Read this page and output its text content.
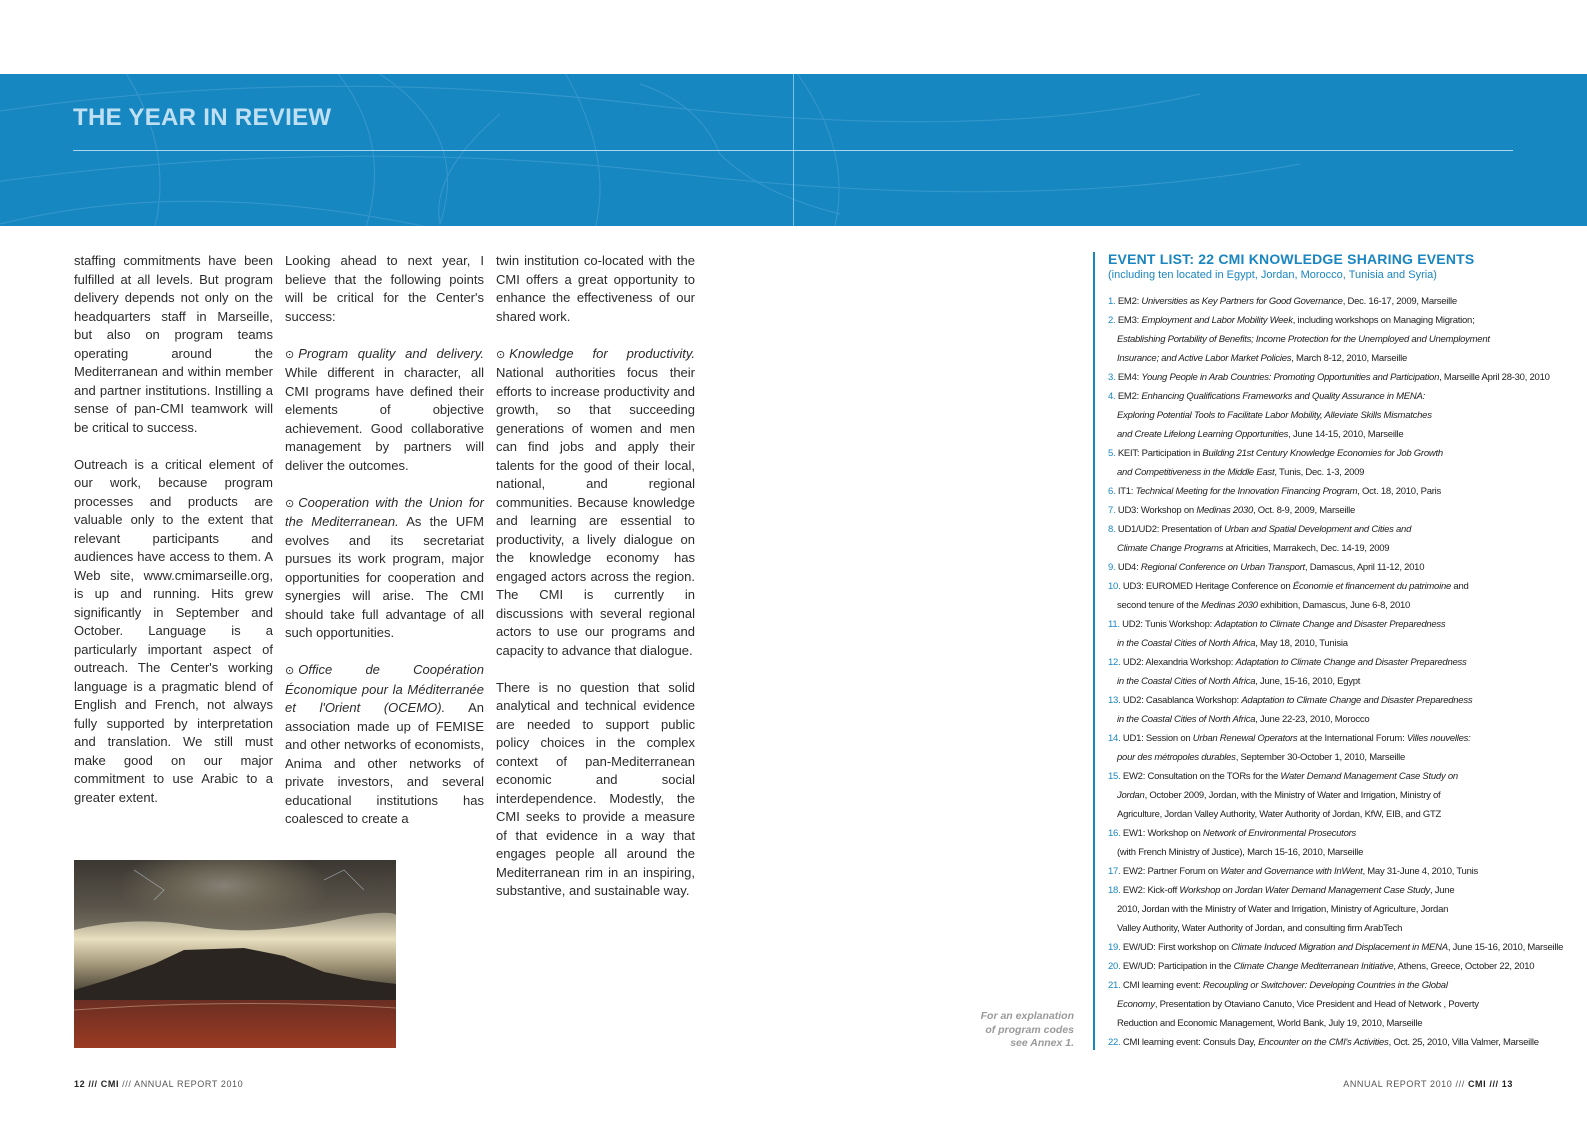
THE YEAR IN REVIEW

staffing commitments have been fulfilled at all levels. But program delivery depends not only on the headquarters staff in Marseille, but also on program teams operating around the Mediterranean and within member and partner institutions. Instilling a sense of pan-CMI teamwork will be critical to success.

Outreach is a critical element of our work, because program processes and products are valuable only to the extent that relevant participants and audiences have access to them. A Web site, www.cmimarseille.org, is up and running. Hits grew significantly in September and October. Language is a particularly important aspect of outreach. The Center's working language is a pragmatic blend of English and French, not always fully supported by interpretation and translation. We still must make good on our major commitment to use Arabic to a greater extent.

Looking ahead to next year, I believe that the following points will be critical for the Center's success:

⊙ Program quality and delivery. While different in character, all CMI programs have defined their elements of objective achievement. Good collaborative management by partners will deliver the outcomes.

⊙ Cooperation with the Union for the Mediterranean. As the UFM evolves and its secretariat pursues its work program, major opportunities for cooperation and synergies will arise. The CMI should take full advantage of all such opportunities.

⊙ Office de Coopération Économique pour la Méditerranée et l'Orient (OCEMO). An association made up of FEMISE and other networks of economists, Anima and other networks of private investors, and several educational institutions has coalesced to create a

twin institution co-located with the CMI offers a great opportunity to enhance the effectiveness of our shared work.

⊙ Knowledge for productivity. National authorities focus their efforts to increase productivity and growth, so that succeeding generations of women and men can find jobs and apply their talents for the good of their local, national, and regional communities. Because knowledge and learning are essential to productivity, a lively dialogue on the knowledge economy has engaged actors across the region. The CMI is currently in discussions with several regional actors to use our programs and capacity to advance that dialogue.

There is no question that solid analytical and technical evidence are needed to support public policy choices in the complex context of pan-Mediterranean economic and social interdependence. Modestly, the CMI seeks to provide a measure of that evidence in a way that engages people all around the Mediterranean rim in an inspiring, substantive, and sustainable way.

For an explanation
of program codes
see Annex 1.
EVENT LIST: 22 CMI KNOWLEDGE SHARING EVENTS
(including ten located in Egypt, Jordan, Morocco, Tunisia and Syria)
1. EM2: Universities as Key Partners for Good Governance, Dec. 16-17, 2009, Marseille
2. EM3: Employment and Labor Mobility Week, including workshops on Managing Migration;
Establishing Portability of Benefits; Income Protection for the Unemployed and Unemployment
Insurance; and Active Labor Market Policies, March 8-12, 2010, Marseille
3. EM4: Young People in Arab Countries: Promoting Opportunities and Participation, Marseille April 28-30, 2010
4. EM2: Enhancing Qualifications Frameworks and Quality Assurance in MENA:
Exploring Potential Tools to Facilitate Labor Mobility, Alleviate Skills Mismatches
and Create Lifelong Learning Opportunities, June 14-15, 2010, Marseille
5. KEIT: Participation in Building 21st Century Knowledge Economies for Job Growth
and Competitiveness in the Middle East, Tunis, Dec. 1-3, 2009
6. IT1: Technical Meeting for the Innovation Financing Program, Oct. 18, 2010, Paris
7. UD3: Workshop on Medinas 2030, Oct. 8-9, 2009, Marseille
8. UD1/UD2: Presentation of Urban and Spatial Development and Cities and
Climate Change Programs at Africities, Marrakech, Dec. 14-19, 2009
9. UD4: Regional Conference on Urban Transport, Damascus, April 11-12, 2010
10. UD3: EUROMED Heritage Conference on Économie et financement du patrimoine and
second tenure of the Medinas 2030 exhibition, Damascus, June 6-8, 2010
11. UD2: Tunis Workshop: Adaptation to Climate Change and Disaster Preparedness
in the Coastal Cities of North Africa, May 18, 2010, Tunisia
12. UD2: Alexandria Workshop: Adaptation to Climate Change and Disaster Preparedness
in the Coastal Cities of North Africa, June, 15-16, 2010, Egypt
13. UD2: Casablanca Workshop: Adaptation to Climate Change and Disaster Preparedness
in the Coastal Cities of North Africa, June 22-23, 2010, Morocco
14. UD1: Session on Urban Renewal Operators at the International Forum: Villes nouvelles:
pour des métropoles durables, September 30-October 1, 2010, Marseille
15. EW2: Consultation on the TORs for the Water Demand Management Case Study on
Jordan, October 2009, Jordan, with the Ministry of Water and Irrigation, Ministry of
Agriculture, Jordan Valley Authority, Water Authority of Jordan, KfW, EIB, and GTZ
16. EW1: Workshop on Network of Environmental Prosecutors
(with French Ministry of Justice), March 15-16, 2010, Marseille
17. EW2: Partner Forum on Water and Governance with InWent, May 31-June 4, 2010, Tunis
18. EW2: Kick-off Workshop on Jordan Water Demand Management Case Study, June
2010, Jordan with the Ministry of Water and Irrigation, Ministry of Agriculture, Jordan
Valley Authority, Water Authority of Jordan, and consulting firm ArabTech
19. EW/UD: First workshop on Climate Induced Migration and Displacement in MENA, June 15-16, 2010, Marseille
20. EW/UD: Participation in the Climate Change Mediterranean Initiative, Athens, Greece, October 22, 2010
21. CMI learning event: Recoupling or Switchover: Developing Countries in the Global
Economy, Presentation by Otaviano Canuto, Vice President and Head of Network , Poverty
Reduction and Economic Management, World Bank, July 19, 2010, Marseille
22. CMI learning event: Consuls Day, Encounter on the CMI's Activities, Oct. 25, 2010, Villa Valmer, Marseille
12 /// CMI /// ANNUAL REPORT 2010	ANNUAL REPORT 2010 /// CMI /// 13
